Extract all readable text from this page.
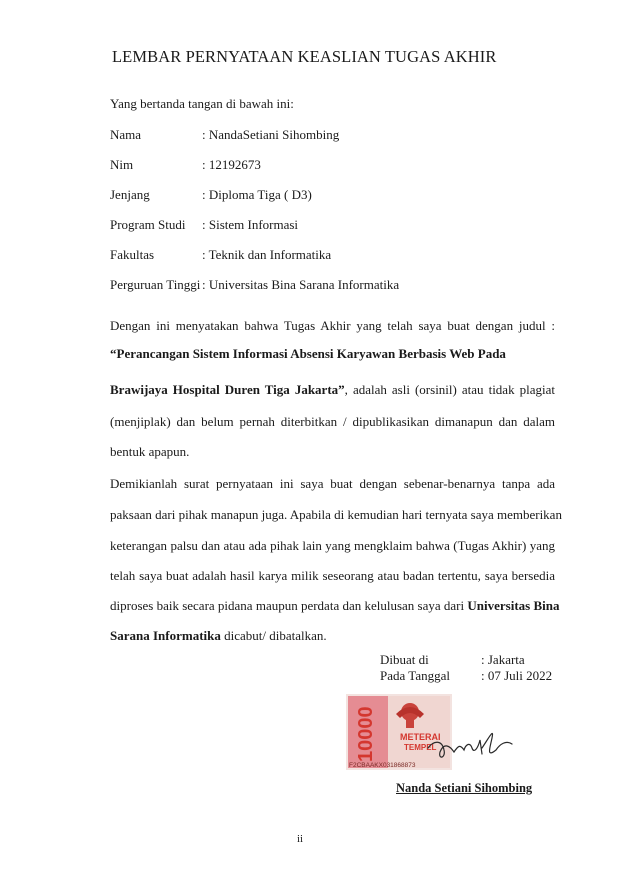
LEMBAR PERNYATAAN KEASLIAN TUGAS AKHIR
Yang bertanda tangan di bawah ini:
Nama	: NandaSetiani Sihombing
Nim	: 12192673
Jenjang	: Diploma Tiga ( D3)
Program Studi : Sistem Informasi
Fakultas	: Teknik dan Informatika
Perguruan Tinggi : Universitas Bina Sarana Informatika
Dengan ini menyatakan bahwa Tugas Akhir yang telah saya buat dengan judul :
“Perancangan Sistem Informasi Absensi Karyawan Berbasis Web Pada
Brawijaya Hospital Duren Tiga Jakarta”, adalah asli (orsinil) atau tidak plagiat
(menjiplak) dan belum pernah diterbitkan / dipublikasikan dimanapun dan dalam
bentuk apapun.
Demikianlah surat pernyataan ini saya buat dengan sebenar-benarnya tanpa ada
paksaan dari pihak manapun juga. Apabila di kemudian hari ternyata saya memberikan
keterangan palsu dan atau ada pihak lain yang mengklaim bahwa (Tugas Akhir) yang
telah saya buat adalah hasil karya milik seseorang atau badan tertentu, saya bersedia
diproses baik secara pidana maupun perdata dan kelulusan saya dari Universitas Bina
Sarana Informatika dicabut/ dibatalkan.
Dibuat di	: Jakarta
Pada Tanggal : 07 Juli 2022
10000	METERAI
TEMPEL
F2CBAAKX031868873
Nanda Setiani Sihombing
ii
